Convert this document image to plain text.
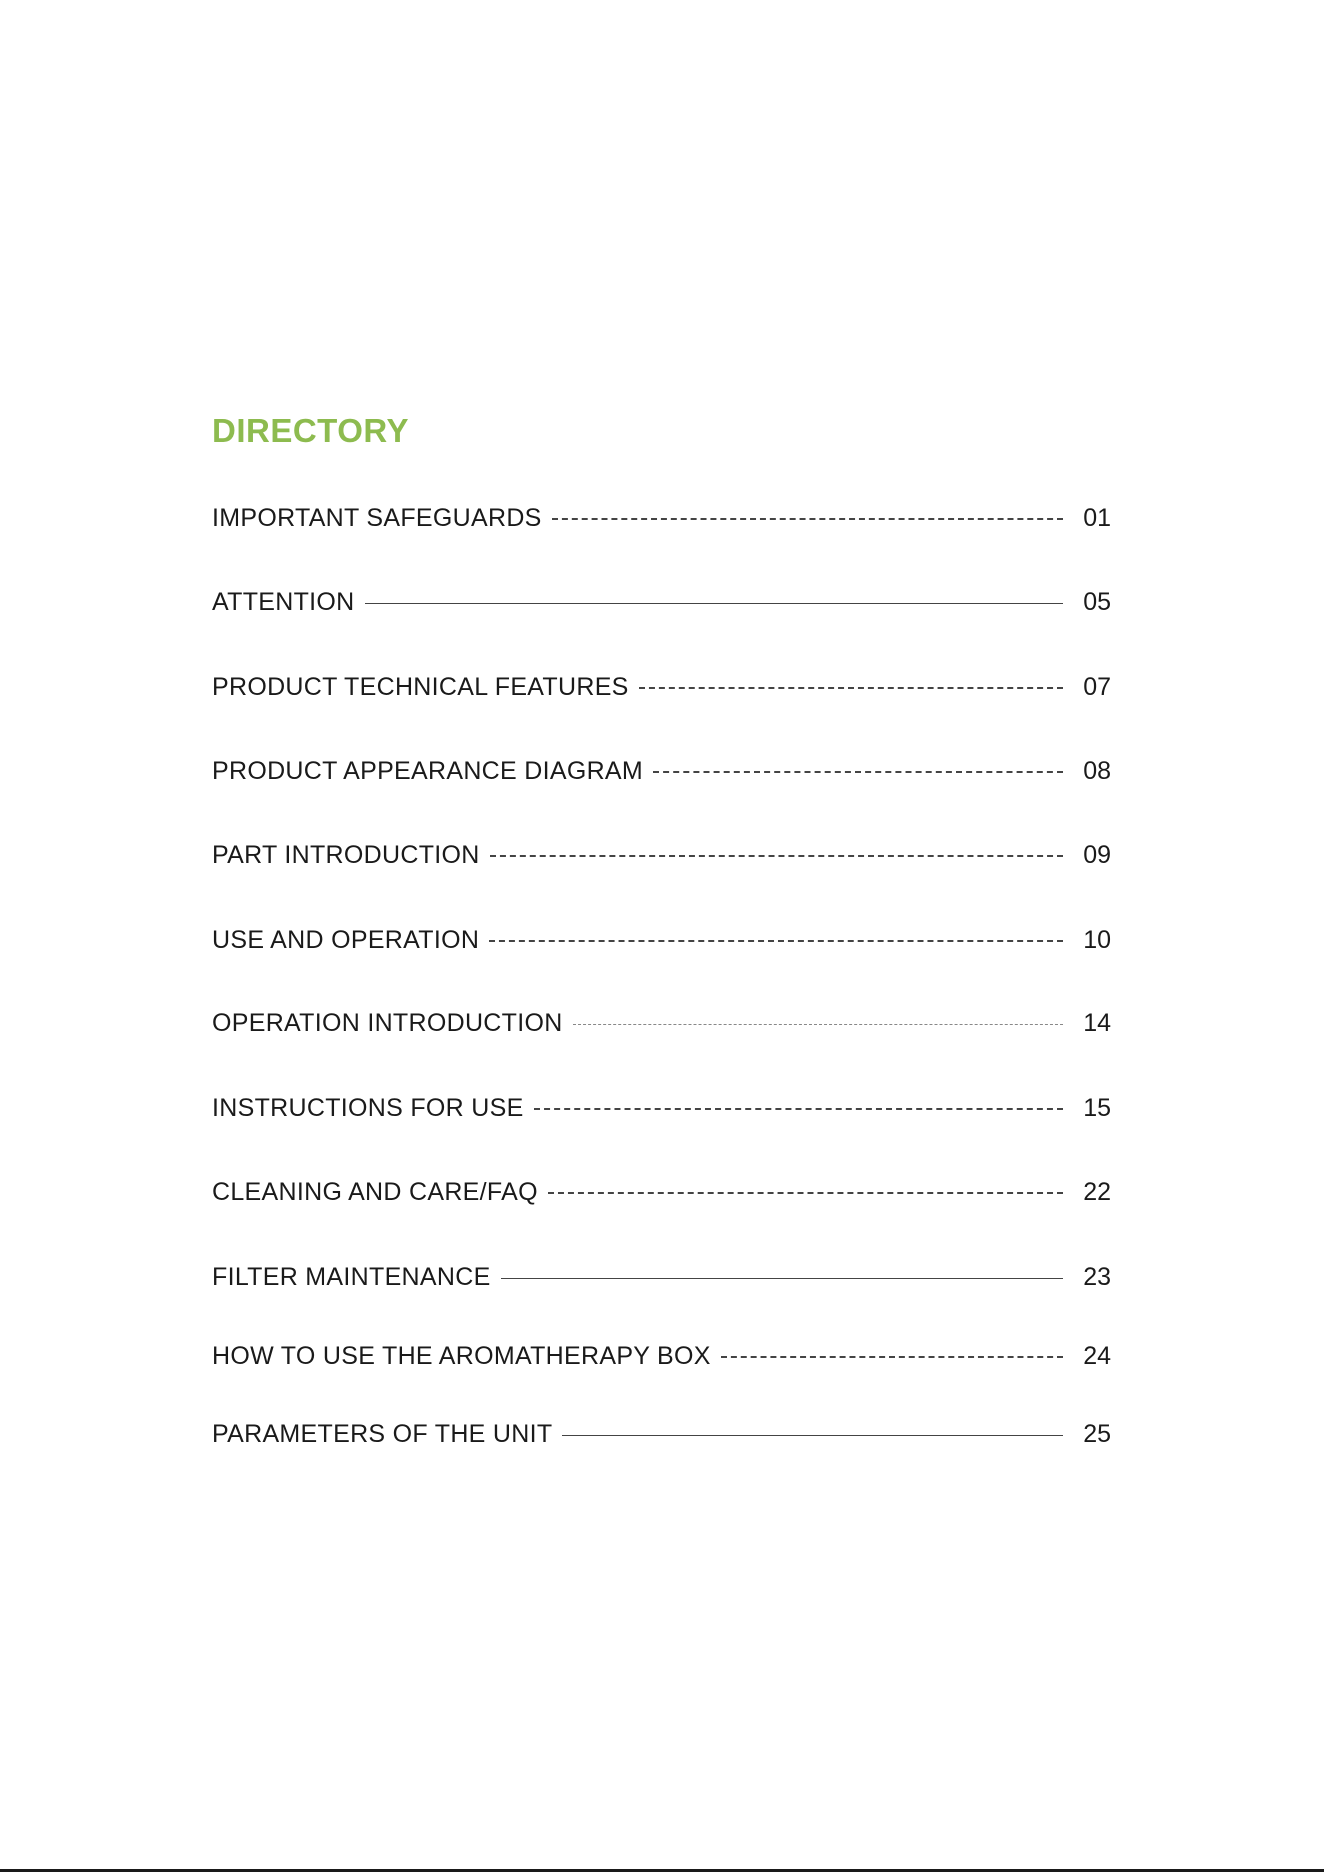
DIRECTORY
IMPORTANT SAFEGUARDS	01
ATTENTION	05
PRODUCT TECHNICAL FEATURES	07
PRODUCT APPEARANCE DIAGRAM	08
PART INTRODUCTION	09
USE AND OPERATION	10
OPERATION INTRODUCTION	14
INSTRUCTIONS FOR USE	15
CLEANING AND CARE/FAQ	22
FILTER MAINTENANCE	23
HOW TO USE THE AROMATHERAPY BOX	24
PARAMETERS OF THE UNIT	25
